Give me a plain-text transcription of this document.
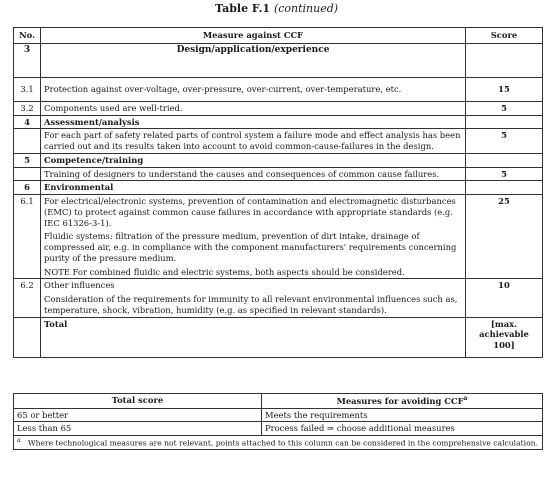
Table F.1 (continued)
No.	Measure against CCF	Score
3	Design/application/experience	
3.1	Protection against over-voltage, over-pressure, over-current, over-temperature, etc.	15
3.2	Components used are well-tried.	5
4	Assessment/analysis	
	For each part of safety related parts of control system a failure mode and effect analysis has been carried out and its results taken into account to avoid common-cause-failures in the design.	5
5	Competence/training	
	Training of designers to understand the causes and consequences of common cause failures.	5
6	Environmental	
6.1	For electrical/electronic systems, prevention of contamination and electromagnetic disturbances (EMC) to protect against common cause failures in accordance with appropriate standards (e.g. IEC 61326-3-1).

Fluidic systems: filtration of the pressure medium, prevention of dirt intake, drainage of compressed air, e.g. in compliance with the component manufacturers' requirements concerning purity of the pressure medium.

NOTE For combined fluidic and electric systems, both aspects should be considered.	25
6.2	Other influences

Consideration of the requirements for immunity to all relevant environmental influences such as, temperature, shock, vibration, humidity (e.g. as specified in relevant standards).	10
	Total	[max. achievable 100]
Total score	Measures for avoiding CCF$^a$
65 or better	Meets the requirements
Less than 65	Process failed ⇒ choose additional measures
$^a$ Where technological measures are not relevant, points attached to this column can be considered in the comprehensive calculation.	
